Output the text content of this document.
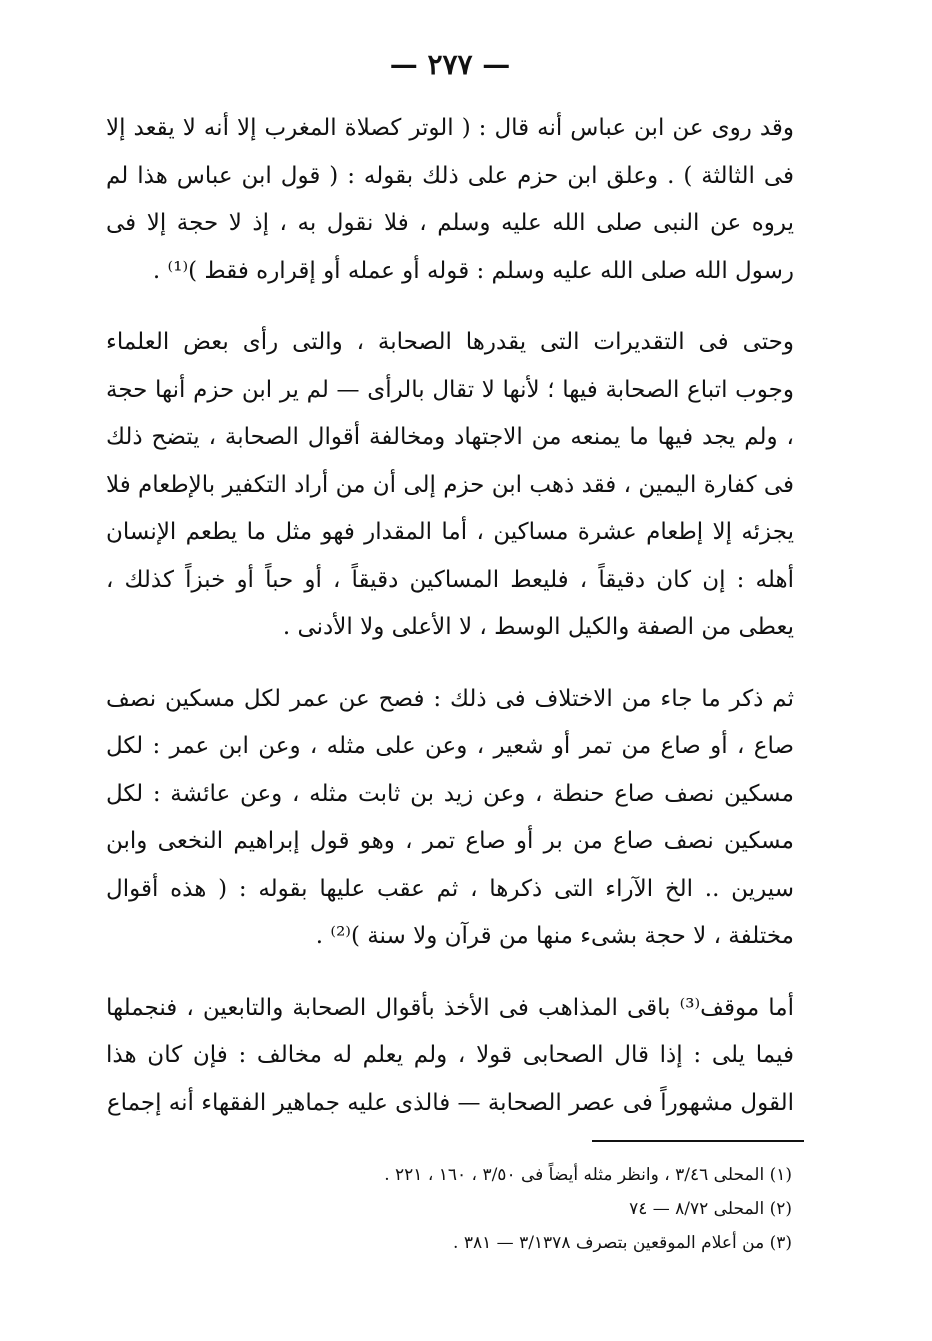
— ٢٧٧ —

وقد روى عن ابن عباس أنه قال : ( الوتر كصلاة المغرب إلا أنه لا يقعد إلا فى الثالثة ) . وعلق ابن حزم على ذلك بقوله : ( قول ابن عباس هذا لم يروه عن النبى صلى الله عليه وسلم ، فلا نقول به ، إذ لا حجة إلا فى رسول الله صلى الله عليه وسلم : قوله أو عمله أو إقراره فقط )⁽¹⁾ .

وحتى فى التقديرات التى يقدرها الصحابة ، والتى رأى بعض العلماء وجوب اتباع الصحابة فيها ؛ لأنها لا تقال بالرأى — لم ير ابن حزم أنها حجة ، ولم يجد فيها ما يمنعه من الاجتهاد ومخالفة أقوال الصحابة ، يتضح ذلك فى كفارة اليمين ، فقد ذهب ابن حزم إلى أن من أراد التكفير بالإطعام فلا يجزئه إلا إطعام عشرة مساكين ، أما المقدار فهو مثل ما يطعم الإنسان أهله : إن كان دقيقاً ، فليعط المساكين دقيقاً ، أو حباً أو خبزاً كذلك ، يعطى من الصفة والكيل الوسط ، لا الأعلى ولا الأدنى .

ثم ذكر ما جاء من الاختلاف فى ذلك : فصح عن عمر لكل مسكين نصف صاع ، أو صاع من تمر أو شعير ، وعن على مثله ، وعن ابن عمر : لكل مسكين نصف صاع حنطة ، وعن زيد بن ثابت مثله ، وعن عائشة : لكل مسكين نصف صاع من بر أو صاع تمر ، وهو قول إبراهيم النخعى وابن سيرين .. الخ الآراء التى ذكرها ، ثم عقب عليها بقوله : ( هذه أقوال مختلفة ، لا حجة بشىء منها من قرآن ولا سنة )⁽²⁾ .

أما موقف⁽³⁾ باقى المذاهب فى الأخذ بأقوال الصحابة والتابعين ، فنجملها فيما يلى : إذا قال الصحابى قولا ، ولم يعلم له مخالف : فإن كان هذا القول مشهوراً فى عصر الصحابة — فالذى عليه جماهير الفقهاء أنه إجماع

(١) المحلى ٣/٤٦ ، وانظر مثله أيضاً فى ٣/٥٠ ، ١٦٠ ، ٢٢١ .
(٢) المحلى ٨/٧٢ — ٧٤
(٣) من أعلام الموقعين بتصرف ٣/١٣٧٨ — ٣٨١ .
